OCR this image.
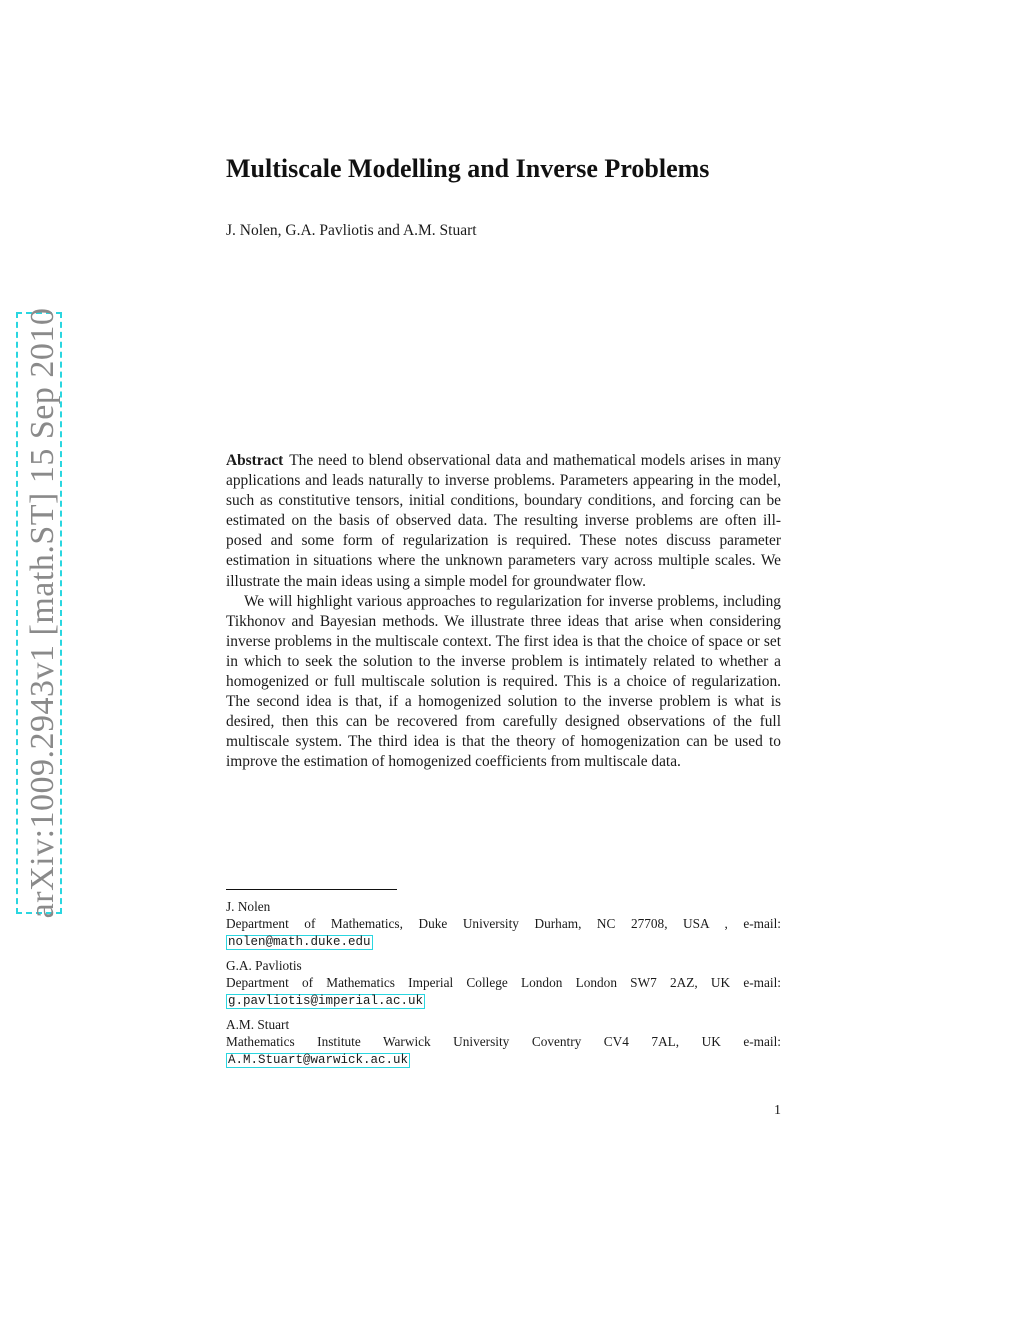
arXiv:1009.2943v1 [math.ST] 15 Sep 2010
Multiscale Modelling and Inverse Problems
J. Nolen, G.A. Pavliotis and A.M. Stuart

Abstract The need to blend observational data and mathematical models arises in many applications and leads naturally to inverse problems. Parameters appearing in the model, such as constitutive tensors, initial conditions, boundary conditions, and forcing can be estimated on the basis of observed data. The resulting inverse problems are often ill-posed and some form of regularization is required. These notes discuss parameter estimation in situations where the unknown parameters vary across multiple scales. We illustrate the main ideas using a simple model for groundwater flow.

We will highlight various approaches to regularization for inverse problems, including Tikhonov and Bayesian methods. We illustrate three ideas that arise when considering inverse problems in the multiscale context. The first idea is that the choice of space or set in which to seek the solution to the inverse problem is intimately related to whether a homogenized or full multiscale solution is required. This is a choice of regularization. The second idea is that, if a homogenized solution to the inverse problem is what is desired, then this can be recovered from carefully designed observations of the full multiscale system. The third idea is that the theory of homogenization can be used to improve the estimation of homogenized coefficients from multiscale data.

J. Nolen
Department of Mathematics, Duke University Durham, NC 27708, USA , e-mail:
nolen@math.duke.edu
G.A. Pavliotis
Department of Mathematics Imperial College London London SW7 2AZ, UK e-mail:
g.pavliotis@imperial.ac.uk
A.M. Stuart
Mathematics Institute Warwick University Coventry CV4 7AL, UK e-mail:
A.M.Stuart@warwick.ac.uk
1
